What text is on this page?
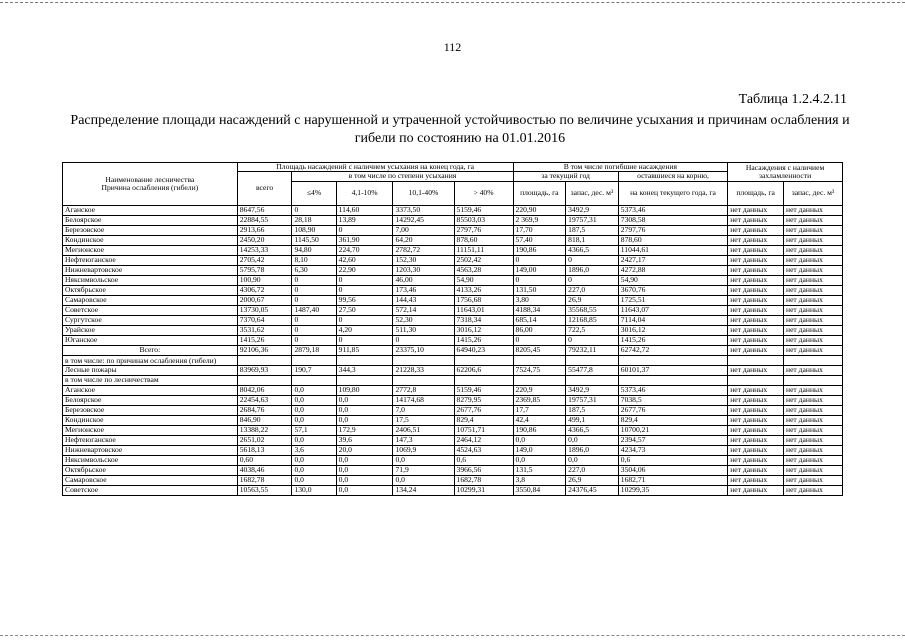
112
Таблица 1.2.4.2.11
Распределение площади насаждений с нарушенной и утраченной устойчивостью по величине усыхания и причинам ослабления и гибели по состоянию на 01.01.2016
Наименование лесничества
Причина ослабления (гибели)	Площадь насаждений с наличием усыхания на конец года, га					В том числе погибшие насаждения			Насаждения с наличием захламленности	
	всего	в том числе по степени усыхания				за текущий год		оставшиеся на корню,		
		≤4%	4,1-10%	10,1-40%	> 40%	площадь, га	запас, дес. м³	на конец текущего года, га	площадь, га	запас, дес. м³
Аганское	8647,56	0	114,60	3373,50	5159,46	220,90	3492,9	5373,46	нет данных	нет данных
Белоярское	22884,55	28,18	13,89	14292,45	85503,03	2 369,9	19757,31	7308,58	нет данных	нет данных
Березовское	2913,66	108,90	0	7,00	2797,76	17,70	187,5	2797,76	нет данных	нет данных
Кондинское	2450,20	1145,50	361,90	64,20	878,60	57,40	818,1	878,60	нет данных	нет данных
Мегионское	14253,33	94,80	224,70	2782,72	11151,11	190,86	4366,5	11044,61	нет данных	нет данных
Нефтеюганское	2705,42	8,10	42,60	152,30	2502,42	0	0	2427,17	нет данных	нет данных
Нижневартовское	5795,78	6,30	22,90	1203,30	4563,28	149,00	1896,0	4272,88	нет данных	нет данных
Няксимвольское	100,90	0	0	46,00	54,90	0	0	54,90	нет данных	нет данных
Октябрьское	4306,72	0	0	173,46	4133,26	131,50	227,0	3670,76	нет данных	нет данных
Самаровское	2000,67	0	99,56	144,43	1756,68	3,80	26,9	1725,51	нет данных	нет данных
Советское	13730,05	1487,40	27,50	572,14	11643,01	4188,34	35568,55	11643,07	нет данных	нет данных
Сургутское	7370,64	0	0	52,30	7318,34	685,14	12168,85	7114,04	нет данных	нет данных
Урайское	3531,62	0	4,20	511,30	3016,12	86,00	722,5	3016,12	нет данных	нет данных
Юганское	1415,26	0	0	0	1415,26	0	0	1415,26	нет данных	нет данных
Всего:	92106,36	2879,18	911,85	23375,10	64940,23	8205,45	79232,11	62742,72	нет данных	нет данных
в том числе: по причинам ослабления (гибели)										
Лесные пожары	83969,93	190,7	344,3	21228,33	62206,6	7524,75	55477,8	60101,37	нет данных	нет данных
в том числе по лесничествам										
Аганское	8042,06	0,0	109,80	2772,8	5159,46	220,9	3492,9	5373,46	нет данных	нет данных
Белоярское	22454,63	0,0	0,0	14174,68	8279,95	2369,85	19757,31	7038,5	нет данных	нет данных
Березовское	2684,76	0,0	0,0	7,0	2677,76	17,7	187,5	2677,76	нет данных	нет данных
Кондинское	846,90	0,0	0,0	17,5	829,4	42,4	499,1	829,4	нет данных	нет данных
Мегионское	13388,22	57,1	172,9	2406,51	10751,71	190,86	4366,5	10700,21	нет данных	нет данных
Нефтеюганское	2651,02	0,0	39,6	147,3	2464,12	0,0	0,0	2394,57	нет данных	нет данных
Нижневартовское	5618,13	3,6	20,0	1069,9	4524,63	149,0	1896,0	4234,73	нет данных	нет данных
Няксимвольское	0,60	0,0	0,0	0,0	0,6	0,0	0,0	0,6	нет данных	нет данных
Октябрьское	4038,46	0,0	0,0	71,9	3966,56	131,5	227,0	3504,06	нет данных	нет данных
Самаровское	1682,78	0,0	0,0	0,0	1682,78	3,8	26,9	1682,71	нет данных	нет данных
Советское	10563,55	130,0	0,0	134,24	10299,31	3550,84	24376,45	10299,35	нет данных	нет данных
